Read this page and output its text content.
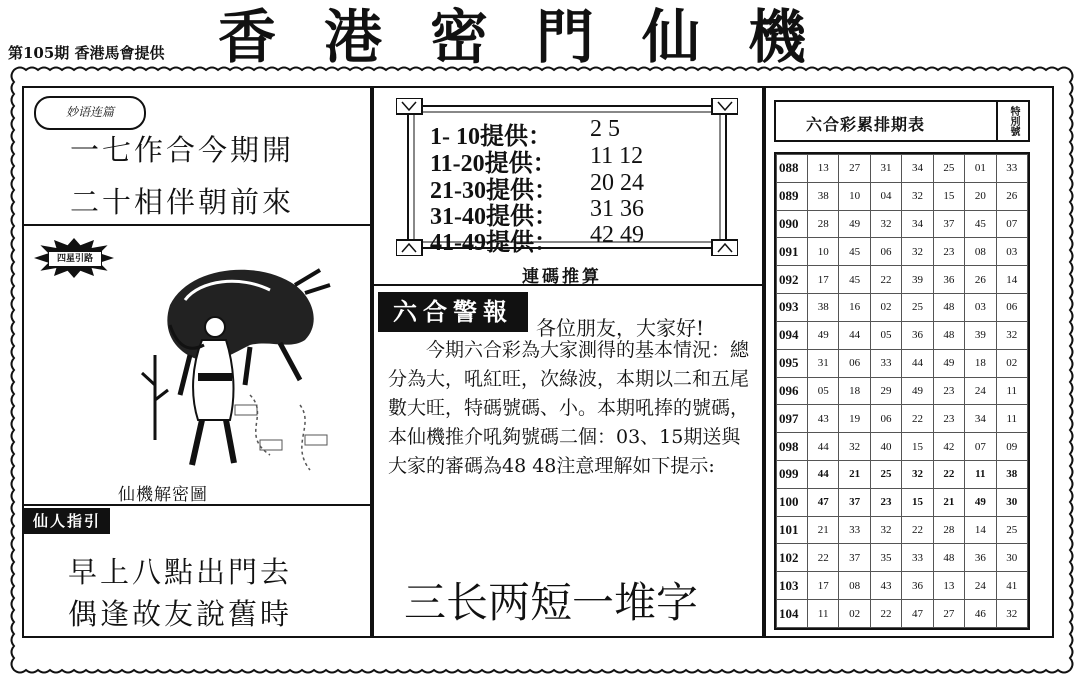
第105期 香港馬會提供 香港密門仙機
妙语连篇
一七作合今期開
二十相伴朝前來
四星引路
仙機解密圖
仙人指引
早上八點出門去
偶逢故友說舊時
1- 10提供： 2 5
11-20提供： 11 12
21-30提供： 20 24
31-40提供： 31 36
41-49提供： 42 49
連碼推算
六合警報
各位朋友，大家好!
今期六合彩為大家測得的基本情況：總分為大，吼紅旺，次綠波，本期以二和五尾數大旺，特碼號碼、小。本期吼捧的號碼，本仙機推介吼夠號碼二個：03、15期送與大家的審碼為48 48注意理解如下提示:
三长两短一堆字
六合彩累排期表	特別號
088	13	27	31	34	25	01	33
089	38	10	04	32	15	20	26
090	28	49	32	34	37	45	07
091	10	45	06	32	23	08	03
092	17	45	22	39	36	26	14
093	38	16	02	25	48	03	06
094	49	44	05	36	48	39	32
095	31	06	33	44	49	18	02
096	05	18	29	49	23	24	11
097	43	19	06	22	23	34	11
098	44	32	40	15	42	07	09
099	44	21	25	32	22	11	38
100	47	37	23	15	21	49	30
101	21	33	32	22	28	14	25
102	22	37	35	33	48	36	30
103	17	08	43	36	13	24	41
104	11	02	22	47	27	46	32
